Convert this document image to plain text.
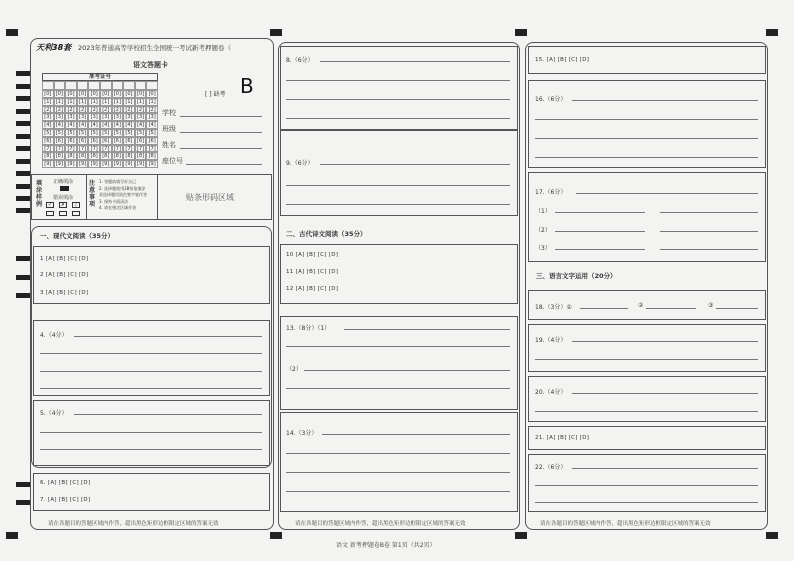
天利38套 2023年普通高等学校招生全国统一考试新考押题卷（
语文答题卡
准考证号
[0] [0] [0] [0] [0] [0] [0] [0] [0] [0]
[1] [1] [1] [1] [1] [1] [1] [1] [1] [1]
[2] [2] [2] [2] [2] [2] [2] [2] [2] [2]
[3] [3] [3] [3] [3] [3] [3] [3] [3] [3]
[4] [4] [4] [4] [4] [4] [4] [4] [4] [4]
[5] [5] [5] [5] [5] [5] [5] [5] [5] [5]
[6] [6] [6] [6] [6] [6] [6] [6] [6] [6]
[7] [7] [7] [7] [7] [7] [7] [7] [7] [7]
[8] [8] [8] [8] [8] [8] [8] [8] [8] [8]
[9] [9] [9] [9] [9] [9] [9] [9] [9] [9]
[ ] 缺考 B
学校
班级
姓名
座位号
填涂样例
正确填涂
错误填涂
✓	✗	/
注意事项
1. 答题前填写好自己
2. 选择题使用2B铅笔填涂
非选择题用黑色签字笔作答
3. 保持卡面清洁
4. 请在指定区域作答
贴条形码区域
一、现代文阅读（35分）
1 [A] [B] [C] [D]
2 [A] [B] [C] [D]
3 [A] [B] [C] [D]
4.（4分）
5.（4分）
6. [A] [B] [C] [D]
7. [A] [B] [C] [D]
请在各题目的答题区域内作答，超出黑色矩形边框限定区域的答案无效
8.（6分）
9.（6分）
二、古代诗文阅读（35分）
10 [A] [B] [C] [D]
11 [A] [B] [C] [D]
12 [A] [B] [C] [D]
13.（8分）（1）
（2）
14.（3分）
请在各题目的答题区域内作答，超出黑色矩形边框限定区域的答案无效
15. [A] [B] [C] [D]
16.（6分）
17.（6分）
（1）
（2）
（3）
三、语言文字运用（20分）
18.（3分）①	②	③
19.（4分）
20.（4分）
21. [A] [B] [C] [D]
22.（6分）
请在各题目的答题区域内作答，超出黑色矩形边框限定区域的答案无效
语文 新考押题卷B卷 第1页（共2页）
